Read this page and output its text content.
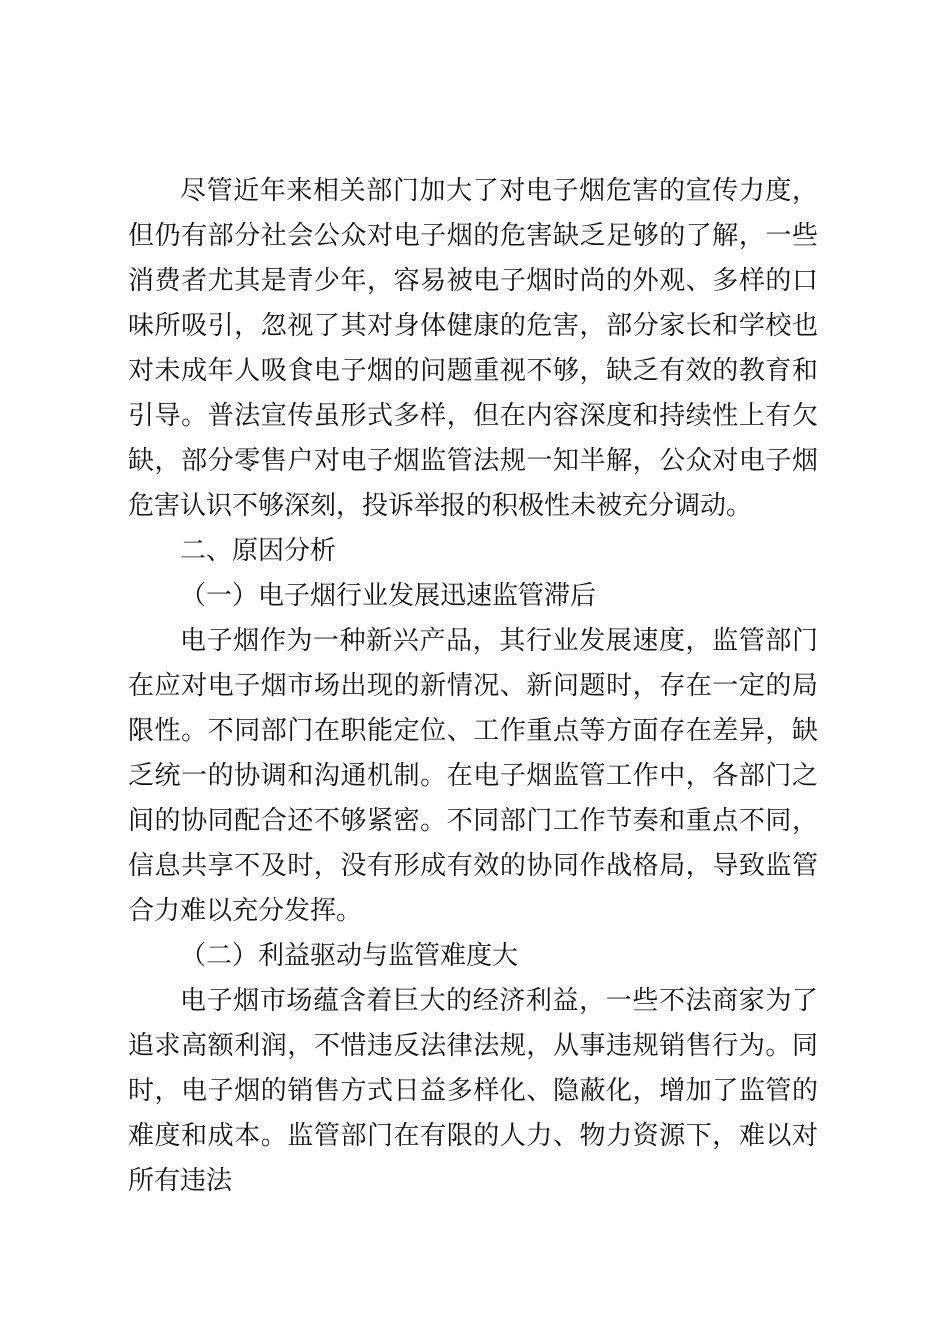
尽管近年来相关部门加大了对电子烟危害的宣传力度，但仍有部分社会公众对电子烟的危害缺乏足够的了解，一些消费者尤其是青少年，容易被电子烟时尚的外观、多样的口味所吸引，忽视了其对身体健康的危害，部分家长和学校也对未成年人吸食电子烟的问题重视不够，缺乏有效的教育和引导。普法宣传虽形式多样，但在内容深度和持续性上有欠缺，部分零售户对电子烟监管法规一知半解，公众对电子烟危害认识不够深刻，投诉举报的积极性未被充分调动。

二、原因分析

（一）电子烟行业发展迅速监管滞后

电子烟作为一种新兴产品，其行业发展速度，监管部门在应对电子烟市场出现的新情况、新问题时，存在一定的局限性。不同部门在职能定位、工作重点等方面存在差异，缺乏统一的协调和沟通机制。在电子烟监管工作中，各部门之间的协同配合还不够紧密。不同部门工作节奏和重点不同，信息共享不及时，没有形成有效的协同作战格局，导致监管合力难以充分发挥。

（二）利益驱动与监管难度大

电子烟市场蕴含着巨大的经济利益，一些不法商家为了追求高额利润，不惜违反法律法规，从事违规销售行为。同时，电子烟的销售方式日益多样化、隐蔽化，增加了监管的难度和成本。监管部门在有限的人力、物力资源下，难以对所有违法
